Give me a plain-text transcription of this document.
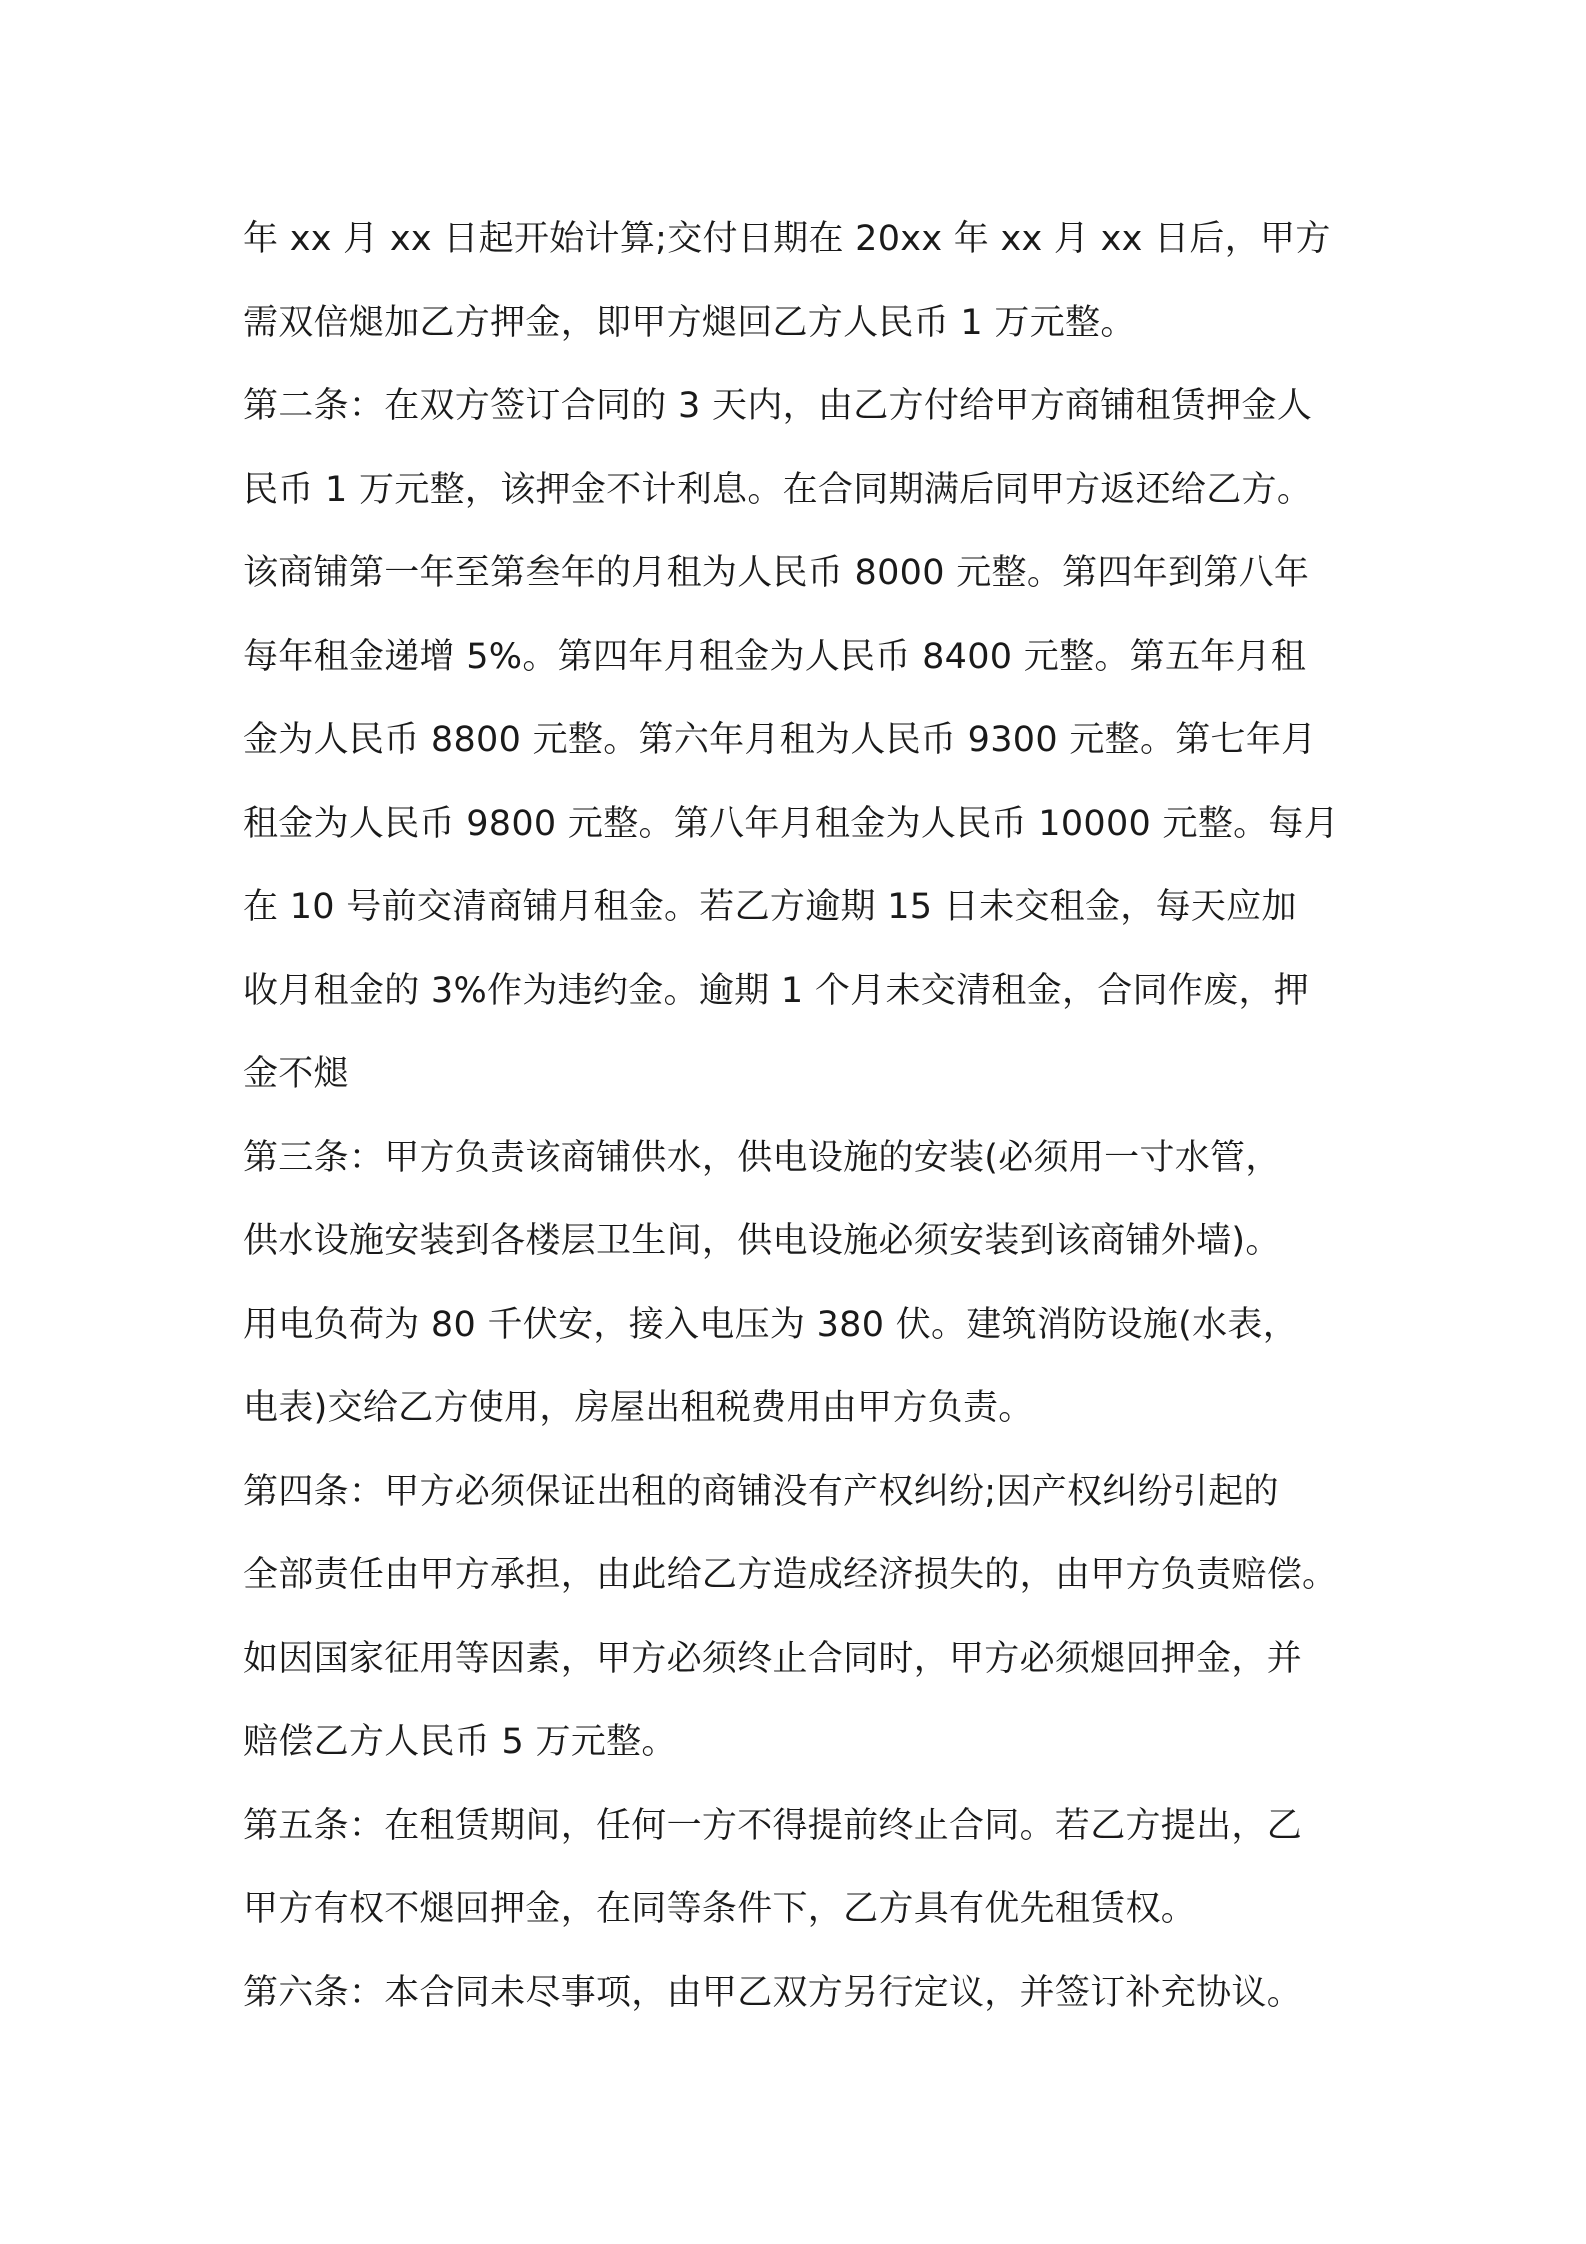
年 xx 月 xx 日起开始计算;交付日期在 20xx 年 xx 月 xx 日后，甲方
需双倍煺加乙方押金，即甲方煺回乙方人民币 1 万元整。
第二条：在双方签订合同的 3 天内，由乙方付给甲方商铺租赁押金人
民币 1 万元整，该押金不计利息。在合同期满后同甲方返还给乙方。
该商铺第一年至第叁年的月租为人民币 8000 元整。第四年到第八年
每年租金递增 5%。第四年月租金为人民币 8400 元整。第五年月租
金为人民币 8800 元整。第六年月租为人民币 9300 元整。第七年月
租金为人民币 9800 元整。第八年月租金为人民币 10000 元整。每月
在 10 号前交清商铺月租金。若乙方逾期 15 日未交租金，每天应加
收月租金的 3%作为违约金。逾期 1 个月未交清租金，合同作废，押
金不煺
第三条：甲方负责该商铺供水，供电设施的安装(必须用一寸水管，
供水设施安装到各楼层卫生间，供电设施必须安装到该商铺外墙)。
用电负荷为 80 千伏安，接入电压为 380 伏。建筑消防设施(水表，
电表)交给乙方使用，房屋出租税费用由甲方负责。
第四条：甲方必须保证出租的商铺没有产权纠纷;因产权纠纷引起的
全部责任由甲方承担，由此给乙方造成经济损失的，由甲方负责赔偿。
如因国家征用等因素，甲方必须终止合同时，甲方必须煺回押金，并
赔偿乙方人民币 5 万元整。
第五条：在租赁期间，任何一方不得提前终止合同。若乙方提出，乙
甲方有权不煺回押金，在同等条件下，乙方具有优先租赁权。
第六条：本合同未尽事项，由甲乙双方另行定议，并签订补充协议。
